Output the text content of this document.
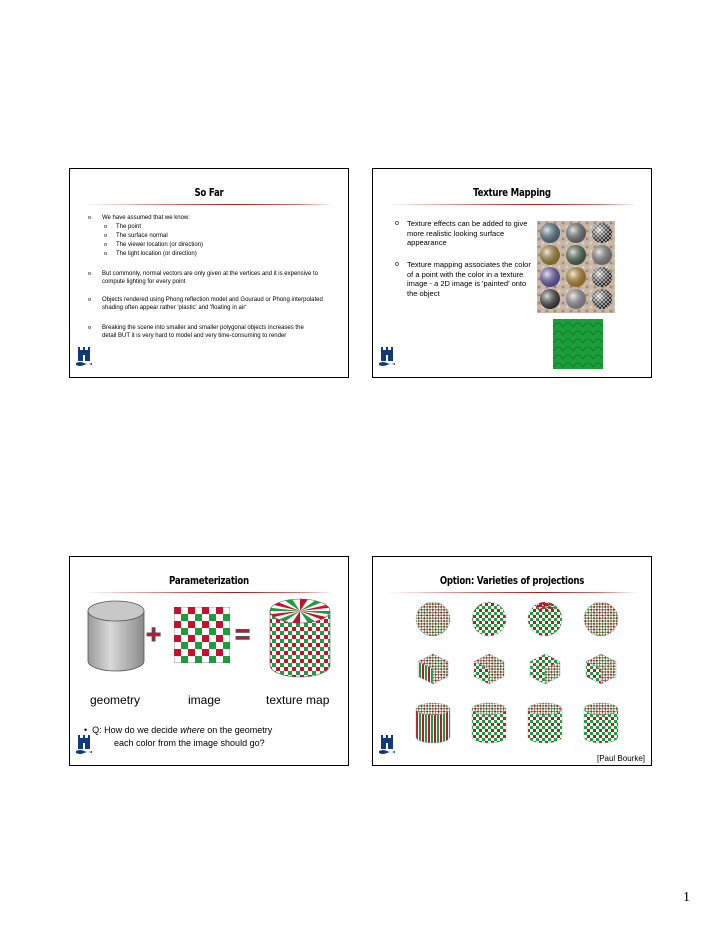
So Far
o	We have assumed that we know:
o	The point
o	The surface normal
o	The viewer location (or direction)
o	The light location (or direction)
o	But commonly, normal vectors are only given at the vertices and it is expensive to compute lighting for every point
o	Objects rendered using Phong reflection model and Gouraud or Phong interpolated shading often appear rather 'plastic' and 'floating in air'
o	Breaking the scene into smaller and smaller polygonal objects increases the detail BUT it is very hard to model and very time-consuming to render
Texture Mapping
o	Texture effects can be added to give more realistic looking surface appearance
o	Texture mapping associates the color of a point with the color in a texture image - a 2D image is 'painted' onto the object
Parameterization
+	=
geometry	image	texture map
• Q: How do we decide where on the geometry
each color from the image should go?
Option: Varieties of projections
[Paul Bourke]
1
